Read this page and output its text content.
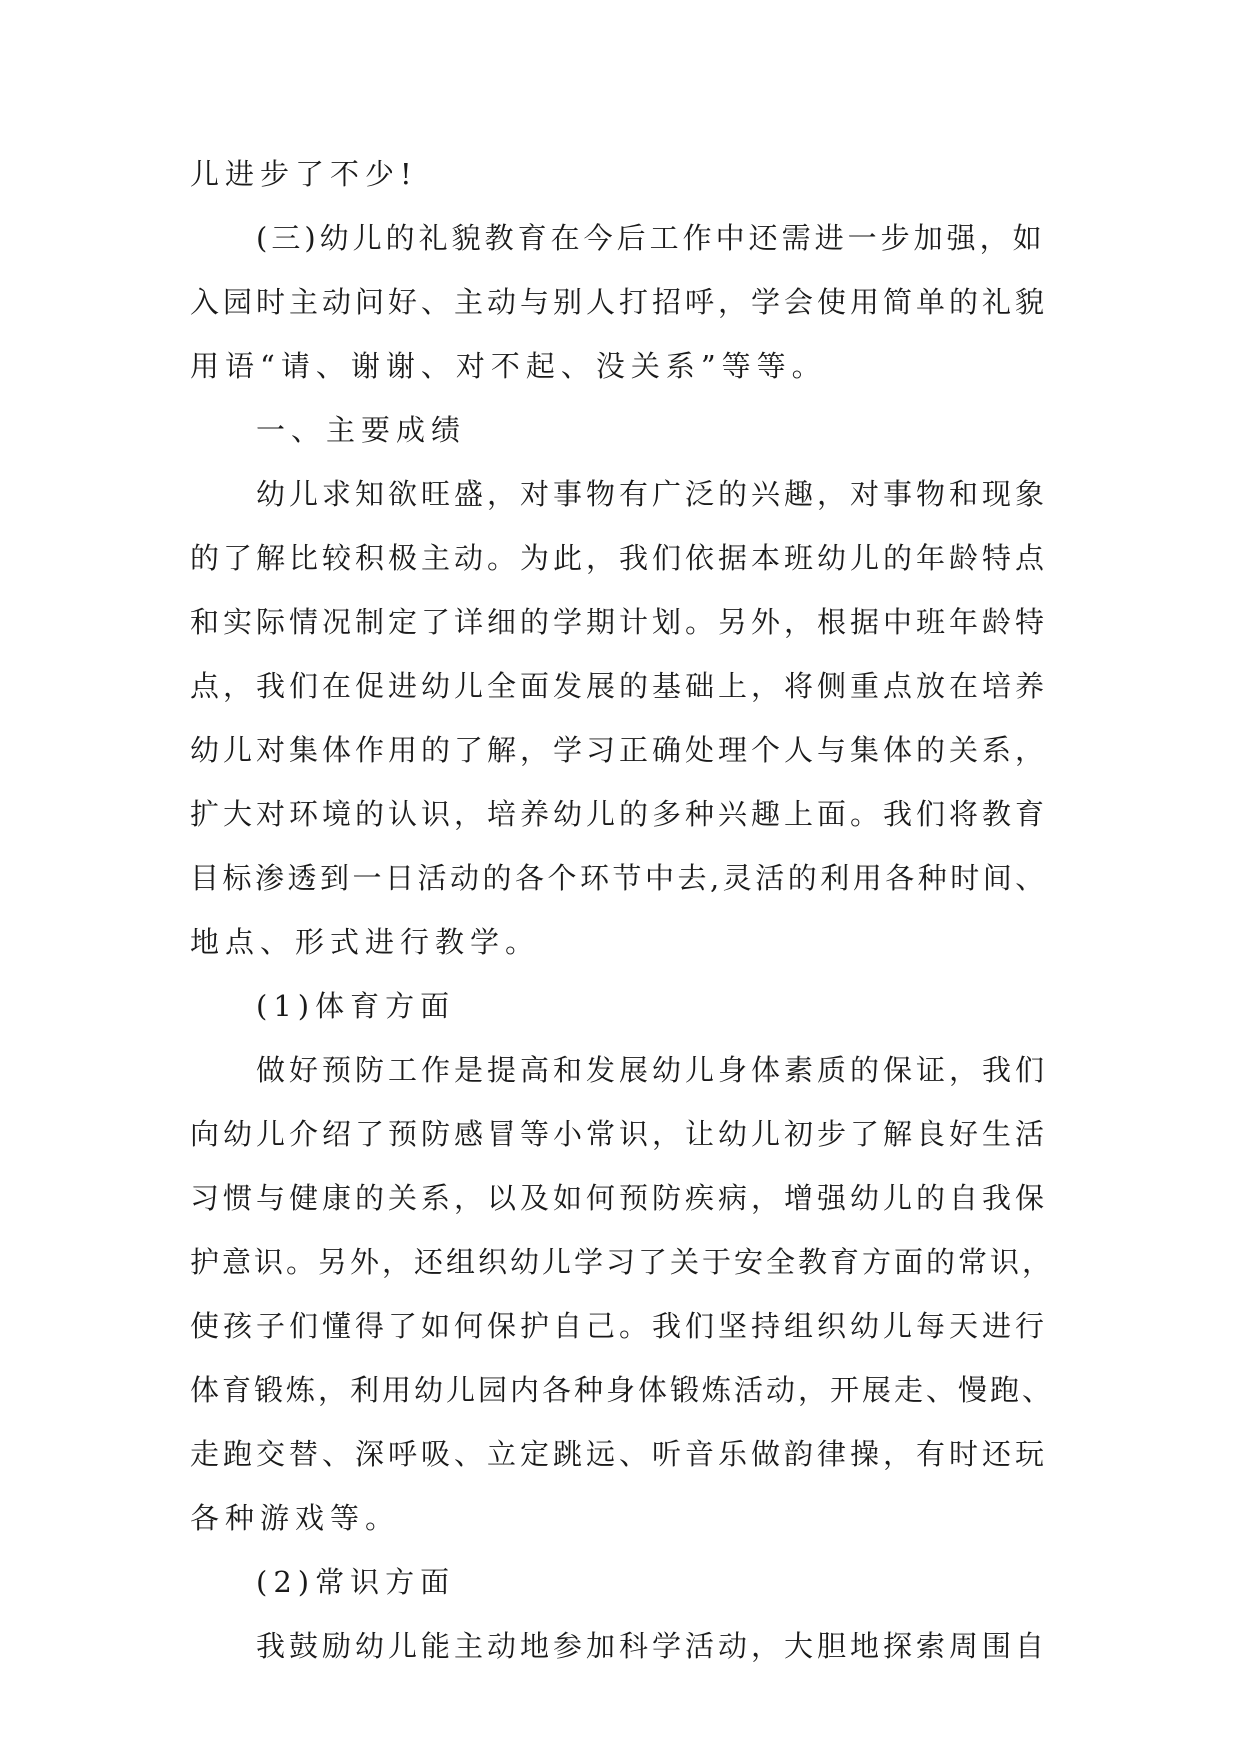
儿进步了不少!

(三)幼儿的礼貌教育在今后工作中还需进一步加强，如

入园时主动问好、主动与别人打招呼，学会使用简单的礼貌

用语“请、谢谢、对不起、没关系”等等。

一、主要成绩

幼儿求知欲旺盛，对事物有广泛的兴趣，对事物和现象

的了解比较积极主动。为此，我们依据本班幼儿的年龄特点

和实际情况制定了详细的学期计划。另外，根据中班年龄特

点，我们在促进幼儿全面发展的基础上，将侧重点放在培养

幼儿对集体作用的了解，学习正确处理个人与集体的关系，

扩大对环境的认识，培养幼儿的多种兴趣上面。我们将教育

目标渗透到一日活动的各个环节中去,灵活的利用各种时间、

地点、形式进行教学。

(1)体育方面

做好预防工作是提高和发展幼儿身体素质的保证，我们

向幼儿介绍了预防感冒等小常识，让幼儿初步了解良好生活

习惯与健康的关系，以及如何预防疾病，增强幼儿的自我保

护意识。另外，还组织幼儿学习了关于安全教育方面的常识，

使孩子们懂得了如何保护自己。我们坚持组织幼儿每天进行

体育锻炼，利用幼儿园内各种身体锻炼活动，开展走、慢跑、

走跑交替、深呼吸、立定跳远、听音乐做韵律操，有时还玩

各种游戏等。

(2)常识方面

我鼓励幼儿能主动地参加科学活动，大胆地探索周围自
